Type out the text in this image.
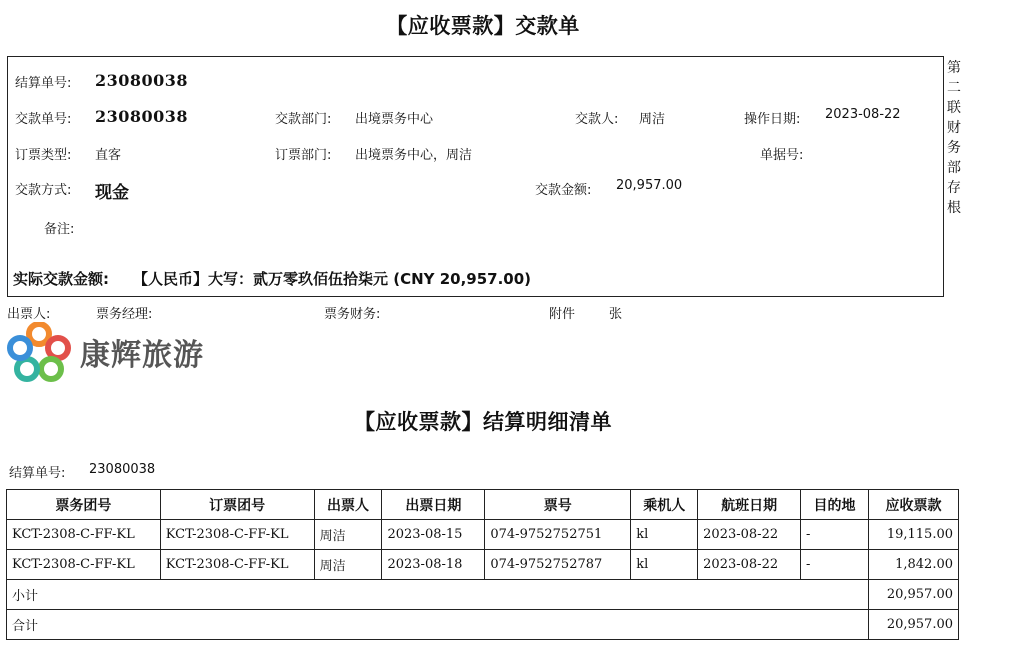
【应收票款】交款单
结算单号: 23080038
交款单号: 23080038	交款部门: 出境票务中心	交款人: 周洁	操作日期: 2023-08-22
订票类型: 直客	订票部门: 出境票务中心，周洁	单据号:
交款方式: 现金	交款金额: 20,957.00
备注:
实际交款金额: 【人民币】大写：贰万零玖佰伍拾柒元 (CNY 20,957.00)
第
二
联
财
务
部
存
根
出票人:	票务经理:	票务财务:	附件	张
康辉旅游
【应收票款】结算明细清单
结算单号: 23080038
票务团号	订票团号	出票人	出票日期	票号	乘机人	航班日期	目的地	应收票款
KCT-2308-C-FF-KL	KCT-2308-C-FF-KL	周洁	2023-08-15	074-9752752751	kl	2023-08-22	-	19,115.00
KCT-2308-C-FF-KL	KCT-2308-C-FF-KL	周洁	2023-08-18	074-9752752787	kl	2023-08-22	-	1,842.00
小计								20,957.00
合计								20,957.00
